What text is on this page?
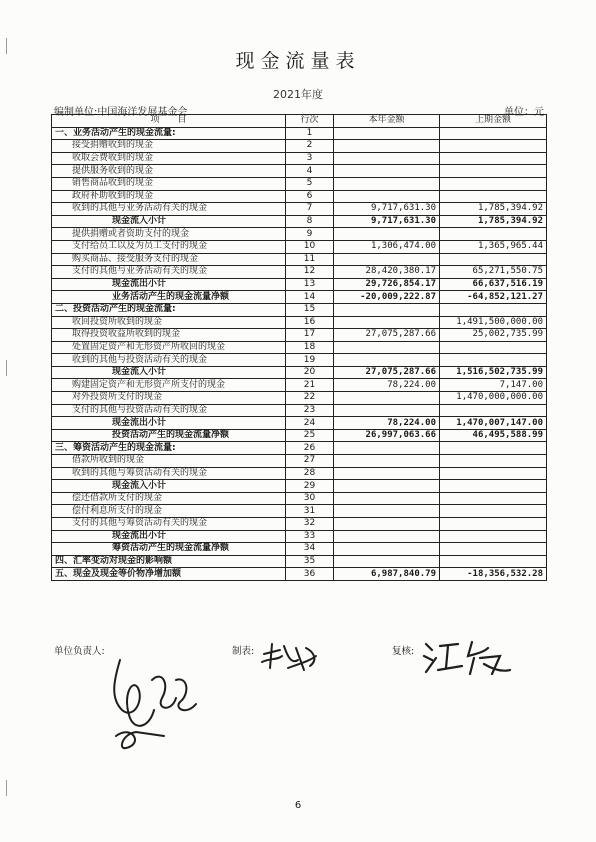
现金流量表
2021年度
编制单位:中国海洋发展基金会	单位：元
项　　目	行次	本年金额	上期金额
一、业务活动产生的现金流量:	1		
接受捐赠收到的现金	2		
收取会费收到的现金	3		
提供服务收到的现金	4		
销售商品收到的现金	5		
政府补助收到的现金	6		
收到的其他与业务活动有关的现金	7	9,717,631.30	1,785,394.92
现金流入小计	8	9,717,631.30	1,785,394.92
提供捐赠或者资助支付的现金	9		
支付给员工以及为员工支付的现金	10	1,306,474.00	1,365,965.44
购买商品、接受服务支付的现金	11		
支付的其他与业务活动有关的现金	12	28,420,380.17	65,271,550.75
现金流出小计	13	29,726,854.17	66,637,516.19
业务活动产生的现金流量净额	14	-20,009,222.87	-64,852,121.27
二、投资活动产生的现金流量:	15		
收回投资所收到的现金	16		1,491,500,000.00
取得投资收益所收到的现金	17	27,075,287.66	25,002,735.99
处置固定资产和无形资产所收回的现金	18		
收到的其他与投资活动有关的现金	19		
现金流入小计	20	27,075,287.66	1,516,502,735.99
购建固定资产和无形资产所支付的现金	21	78,224.00	7,147.00
对外投资所支付的现金	22		1,470,000,000.00
支付的其他与投资活动有关的现金	23		
现金流出小计	24	78,224.00	1,470,007,147.00
投资活动产生的现金流量净额	25	26,997,063.66	46,495,588.99
三、筹资活动产生的现金流量:	26		
借款所收到的现金	27		
收到的其他与筹资活动有关的现金	28		
现金流入小计	29		
偿还借款所支付的现金	30		
偿付利息所支付的现金	31		
支付的其他与筹资活动有关的现金	32		
现金流出小计	33		
筹资活动产生的现金流量净额	34		
四、汇率变动对现金的影响额	35		
五、现金及现金等价物净增加额	36	6,987,840.79	-18,356,532.28
单位负责人:	制表:	复核:
6
